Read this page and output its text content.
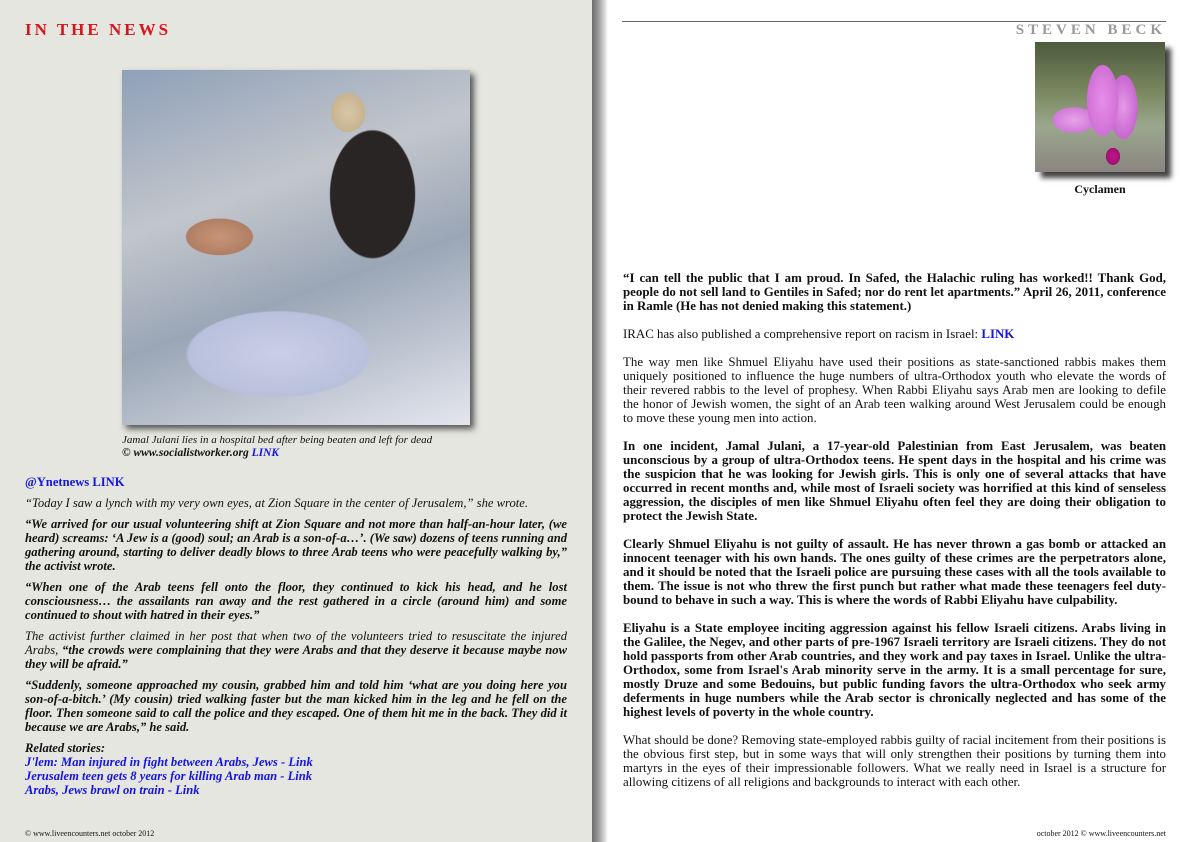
IN THE NEWS
Jamal Julani lies in a hospital bed after being beaten and left for dead
© www.socialistworker.org LINK

@Ynetnews LINK

“Today I saw a lynch with my very own eyes, at Zion Square in the center of Jerusalem,” she wrote.

“We arrived for our usual volunteering shift at Zion Square and not more than half-an-hour later, (we heard) screams: ‘A Jew is a (good) soul; an Arab is a son-of-a…’. (We saw) dozens of teens running and gathering around, starting to deliver deadly blows to three Arab teens who were peacefully walking by,” the activist wrote.

“When one of the Arab teens fell onto the floor, they continued to kick his head, and he lost consciousness… the assailants ran away and the rest gathered in a circle (around him) and some continued to shout with hatred in their eyes.”

The activist further claimed in her post that when two of the volunteers tried to resuscitate the injured Arabs, “the crowds were complaining that they were Arabs and that they deserve it because maybe now they will be afraid.”

“Suddenly, someone approached my cousin, grabbed him and told him ‘what are you doing here you son-of-a-bitch.’ (My cousin) tried walking faster but the man kicked him in the leg and he fell on the floor. Then someone said to call the police and they escaped. One of them hit me in the back. They did it because we are Arabs,” he said.

Related stories:
J'lem: Man injured in fight between Arabs, Jews - Link
Jerusalem teen gets 8 years for killing Arab man - Link
Arabs, Jews brawl on train - Link
© www.liveencounters.net october 2012	october 2012 © www.liveencounters.net
STEVEN BECK
Cyclamen

“I can tell the public that I am proud. In Safed, the Halachic ruling has worked!! Thank God, people do not sell land to Gentiles in Safed; nor do rent let apartments.” April 26, 2011, conference in Ramle (He has not denied making this statement.)

IRAC has also published a comprehensive report on racism in Israel: LINK

The way men like Shmuel Eliyahu have used their positions as state-sanctioned rabbis makes them uniquely positioned to influence the huge numbers of ultra-Orthodox youth who elevate the words of their revered rabbis to the level of prophesy. When Rabbi Eliyahu says Arab men are looking to defile the honor of Jewish women, the sight of an Arab teen walking around West Jerusalem could be enough to move these young men into action.

In one incident, Jamal Julani, a 17-year-old Palestinian from East Jerusalem, was beaten unconscious by a group of ultra-Orthodox teens. He spent days in the hospital and his crime was the suspicion that he was looking for Jewish girls. This is only one of several attacks that have occurred in recent months and, while most of Israeli society was horrified at this kind of senseless aggression, the disciples of men like Shmuel Eliyahu often feel they are doing their obligation to protect the Jewish State.

Clearly Shmuel Eliyahu is not guilty of assault. He has never thrown a gas bomb or attacked an innocent teenager with his own hands. The ones guilty of these crimes are the perpetrators alone, and it should be noted that the Israeli police are pursuing these cases with all the tools available to them. The issue is not who threw the first punch but rather what made these teenagers feel duty-bound to behave in such a way. This is where the words of Rabbi Eliyahu have culpability.

Eliyahu is a State employee inciting aggression against his fellow Israeli citizens. Arabs living in the Galilee, the Negev, and other parts of pre-1967 Israeli territory are Israeli citizens. They do not hold passports from other Arab countries, and they work and pay taxes in Israel. Unlike the ultra-Orthodox, some from Israel's Arab minority serve in the army. It is a small percentage for sure, mostly Druze and some Bedouins, but public funding favors the ultra-Orthodox who seek army deferments in huge numbers while the Arab sector is chronically neglected and has some of the highest levels of poverty in the whole country.

What should be done? Removing state-employed rabbis guilty of racial incitement from their positions is the obvious first step, but in some ways that will only strengthen their positions by turning them into martyrs in the eyes of their impressionable followers. What we really need in Israel is a structure for allowing citizens of all religions and backgrounds to interact with each other.
